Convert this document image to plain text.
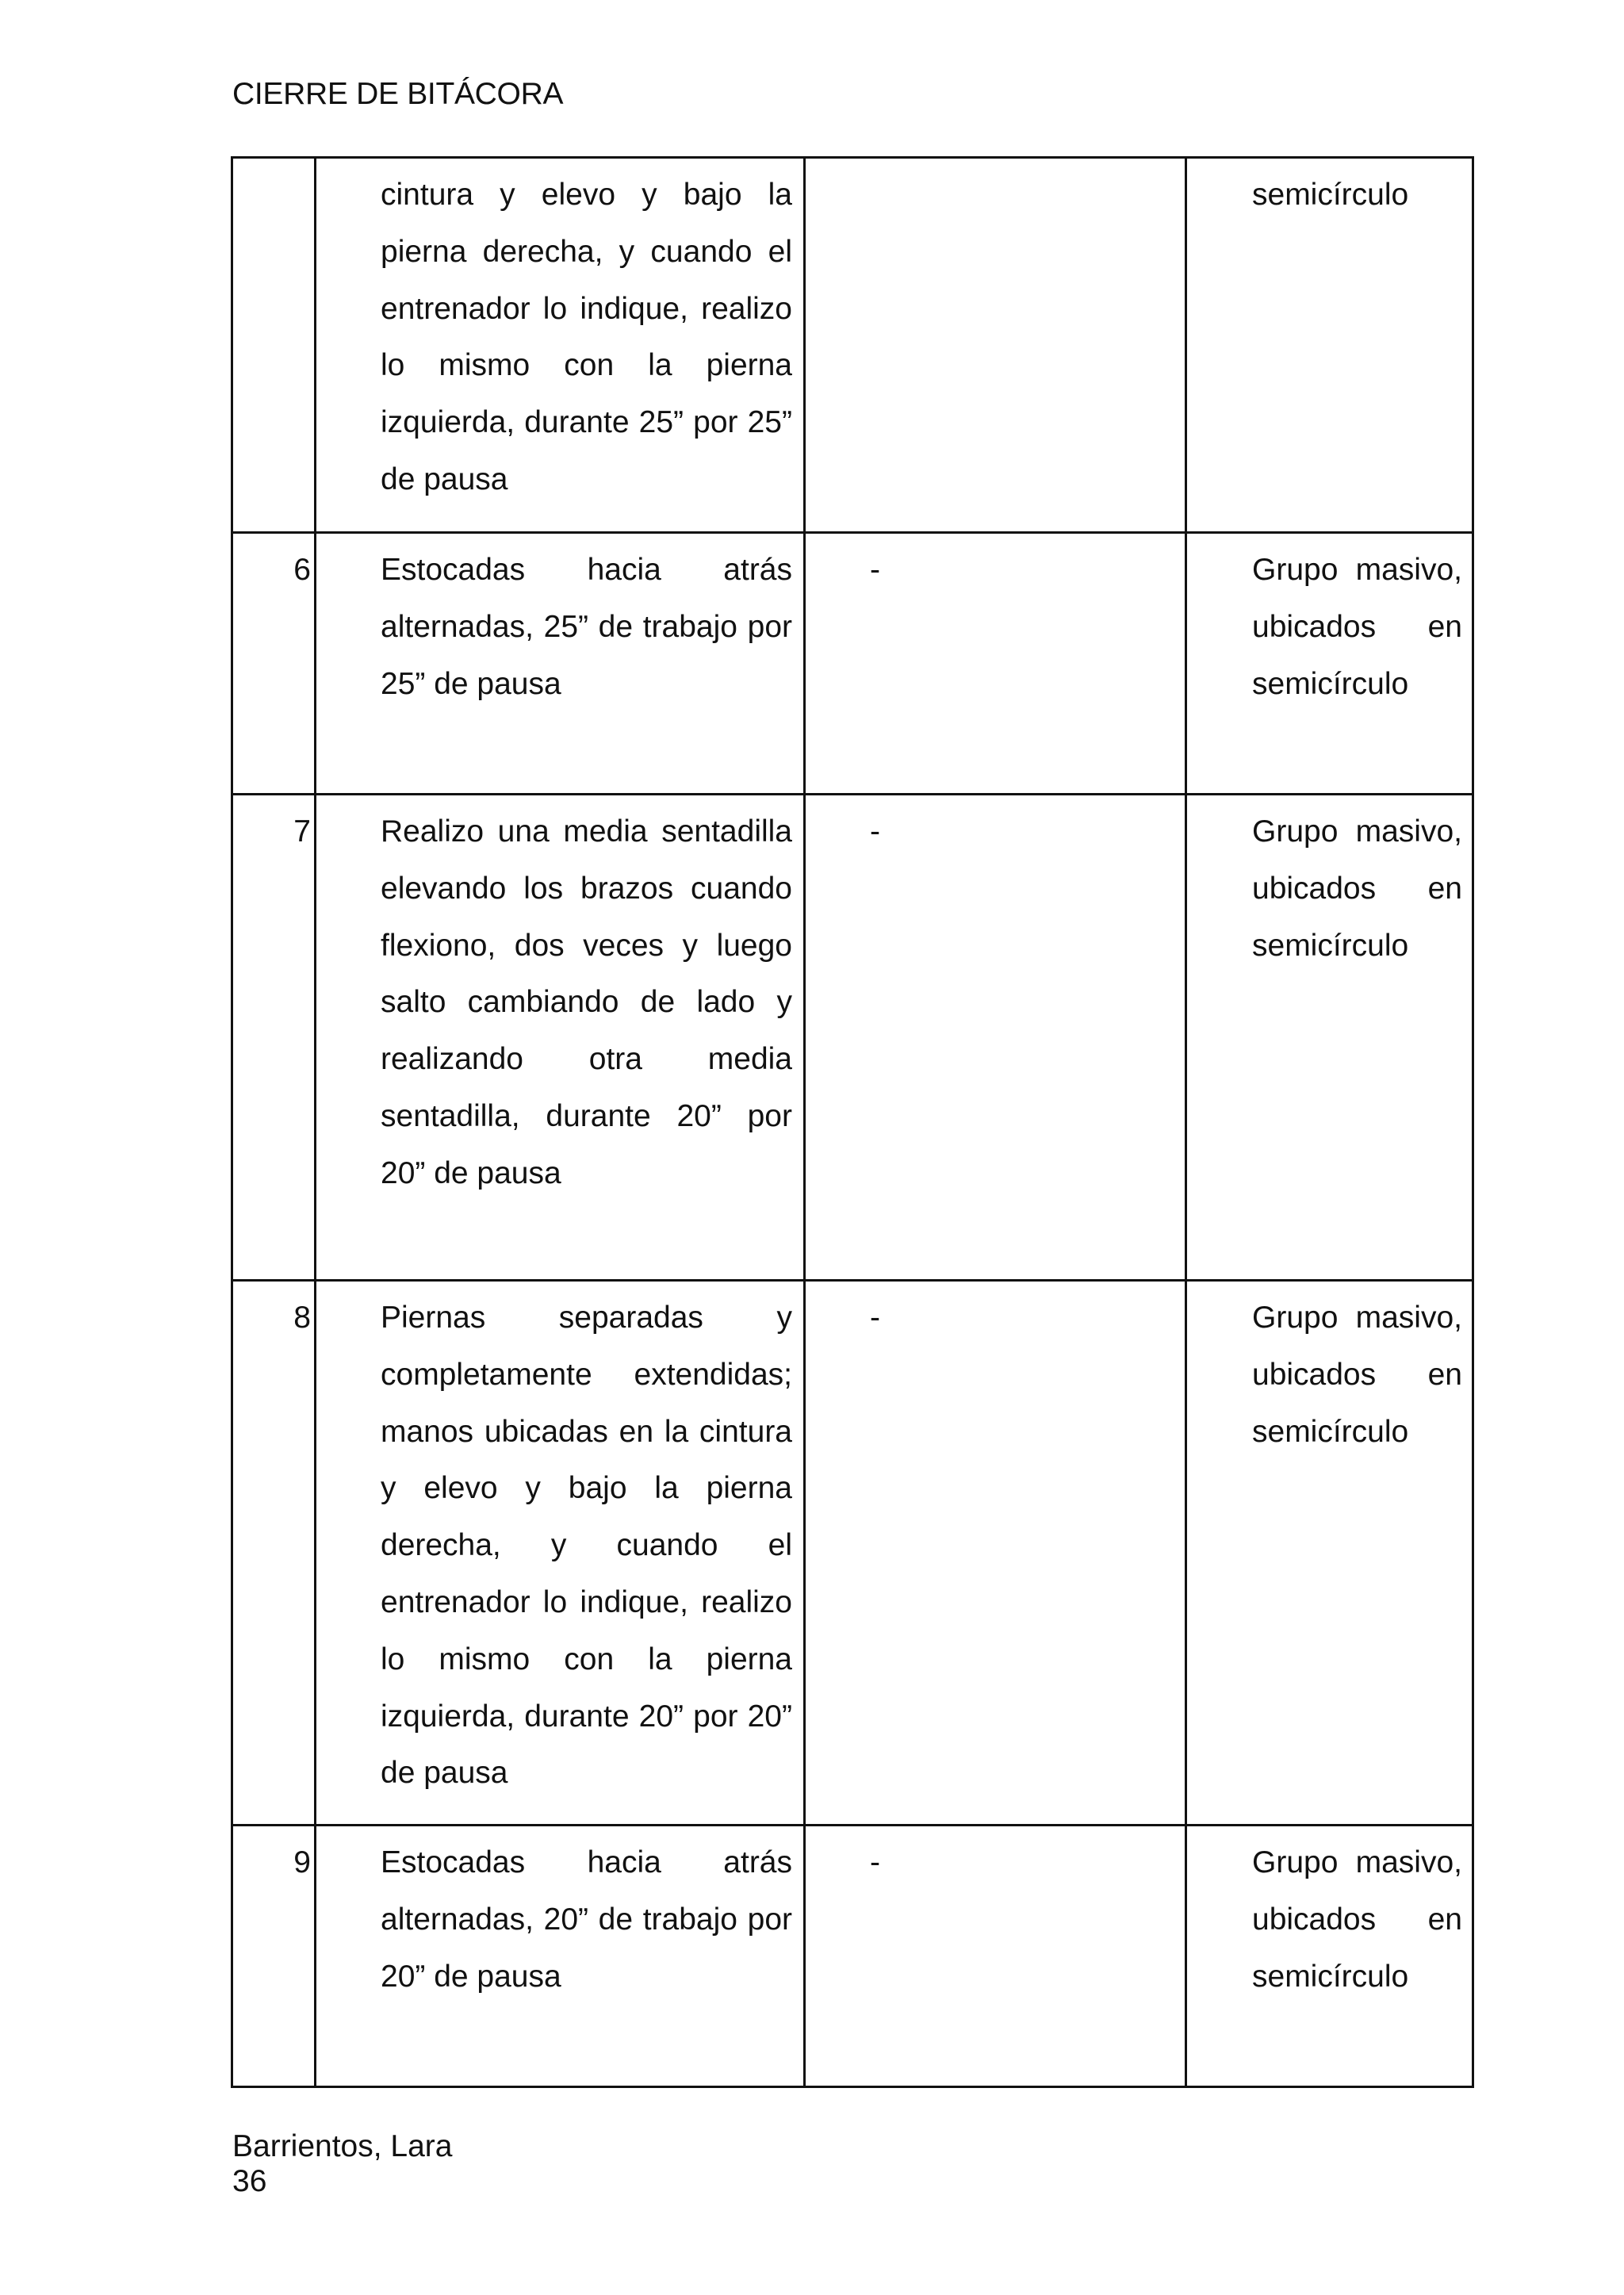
CIERRE DE BITÁCORA
	cintura y elevo y bajo la pierna derecha, y cuando el entrenador lo indique, realizo lo mismo con la pierna izquierda, durante 25” por 25” de pausa		semicírculo
6	Estocadas hacia atrás alternadas, 25” de trabajo por 25” de pausa	-	Grupo masivo, ubicados en semicírculo
7	Realizo una media sentadilla elevando los brazos cuando flexiono, dos veces y luego salto cambiando de lado y realizando otra media sentadilla, durante 20” por 20” de pausa	-	Grupo masivo, ubicados en semicírculo
8	Piernas separadas y completamente extendidas; manos ubicadas en la cintura y elevo y bajo la pierna derecha, y cuando el entrenador lo indique, realizo lo mismo con la pierna izquierda, durante 20” por 20” de pausa	-	Grupo masivo, ubicados en semicírculo
9	Estocadas hacia atrás alternadas, 20” de trabajo por 20” de pausa	-	Grupo masivo, ubicados en semicírculo
Barrientos, Lara
36
